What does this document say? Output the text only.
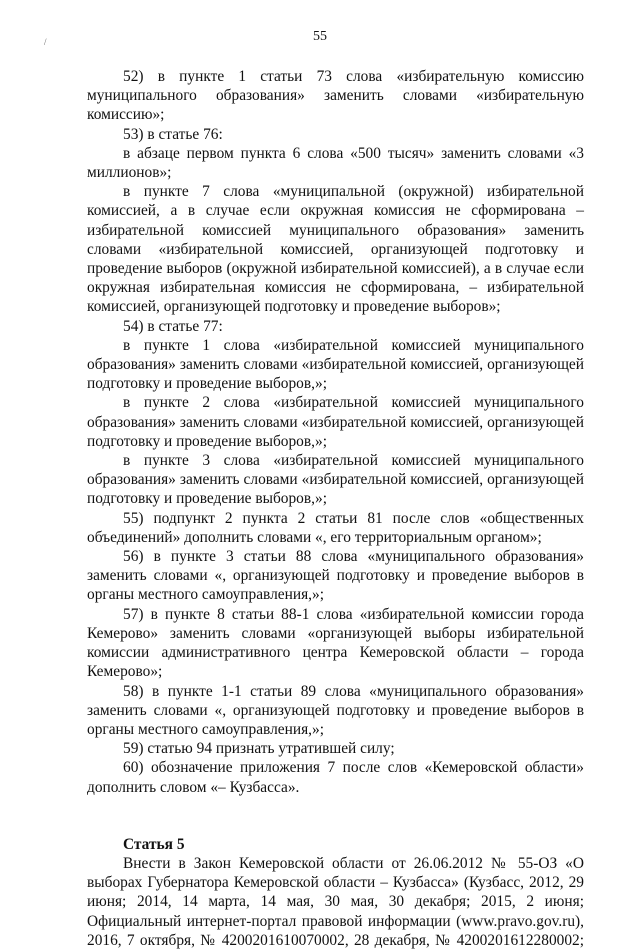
55
/

52) в пункте 1 статьи 73 слова «избирательную комиссию муниципального образования» заменить словами «избирательную комиссию»;

53) в статье 76:

в абзаце первом пункта 6 слова «500 тысяч» заменить словами «3 миллионов»;

в пункте 7 слова «муниципальной (окружной) избирательной комиссией, а в случае если окружная комиссия не сформирована – избирательной комиссией муниципального образования» заменить словами «избирательной комиссией, организующей подготовку и проведение выборов (окружной избирательной комиссией), а в случае если окружная избирательная комиссия не сформирована, – избирательной комиссией, организующей подготовку и проведение выборов»;

54) в статье 77:

в пункте 1 слова «избирательной комиссией муниципального образования» заменить словами «избирательной комиссией, организующей подготовку и проведение выборов,»;

в пункте 2 слова «избирательной комиссией муниципального образования» заменить словами «избирательной комиссией, организующей подготовку и проведение выборов,»;

в пункте 3 слова «избирательной комиссией муниципального образования» заменить словами «избирательной комиссией, организующей подготовку и проведение выборов,»;

55) подпункт 2 пункта 2 статьи 81 после слов «общественных объединений» дополнить словами «, его территориальным органом»;

56) в пункте 3 статьи 88 слова «муниципального образования» заменить словами «, организующей подготовку и проведение выборов в органы местного самоуправления,»;

57) в пункте 8 статьи 88-1 слова «избирательной комиссии города Кемерово» заменить словами «организующей выборы избирательной комиссии административного центра Кемеровской области – города Кемерово»;

58) в пункте 1-1 статьи 89 слова «муниципального образования» заменить словами «, организующей подготовку и проведение выборов в органы местного самоуправления,»;

59) статью 94 признать утратившей силу;

60) обозначение приложения 7 после слов «Кемеровской области» дополнить словом «– Кузбасса».

Статья 5

Внести в Закон Кемеровской области от 26.06.2012 № 55-ОЗ «О выборах Губернатора Кемеровской области – Кузбасса» (Кузбасс, 2012, 29 июня; 2014, 14 марта, 14 мая, 30 мая, 30 декабря; 2015, 2 июня; Официальный интернет-портал правовой информации (www.pravo.gov.ru), 2016, 7 октября, № 4200201610070002, 28 декабря, № 4200201612280002;
